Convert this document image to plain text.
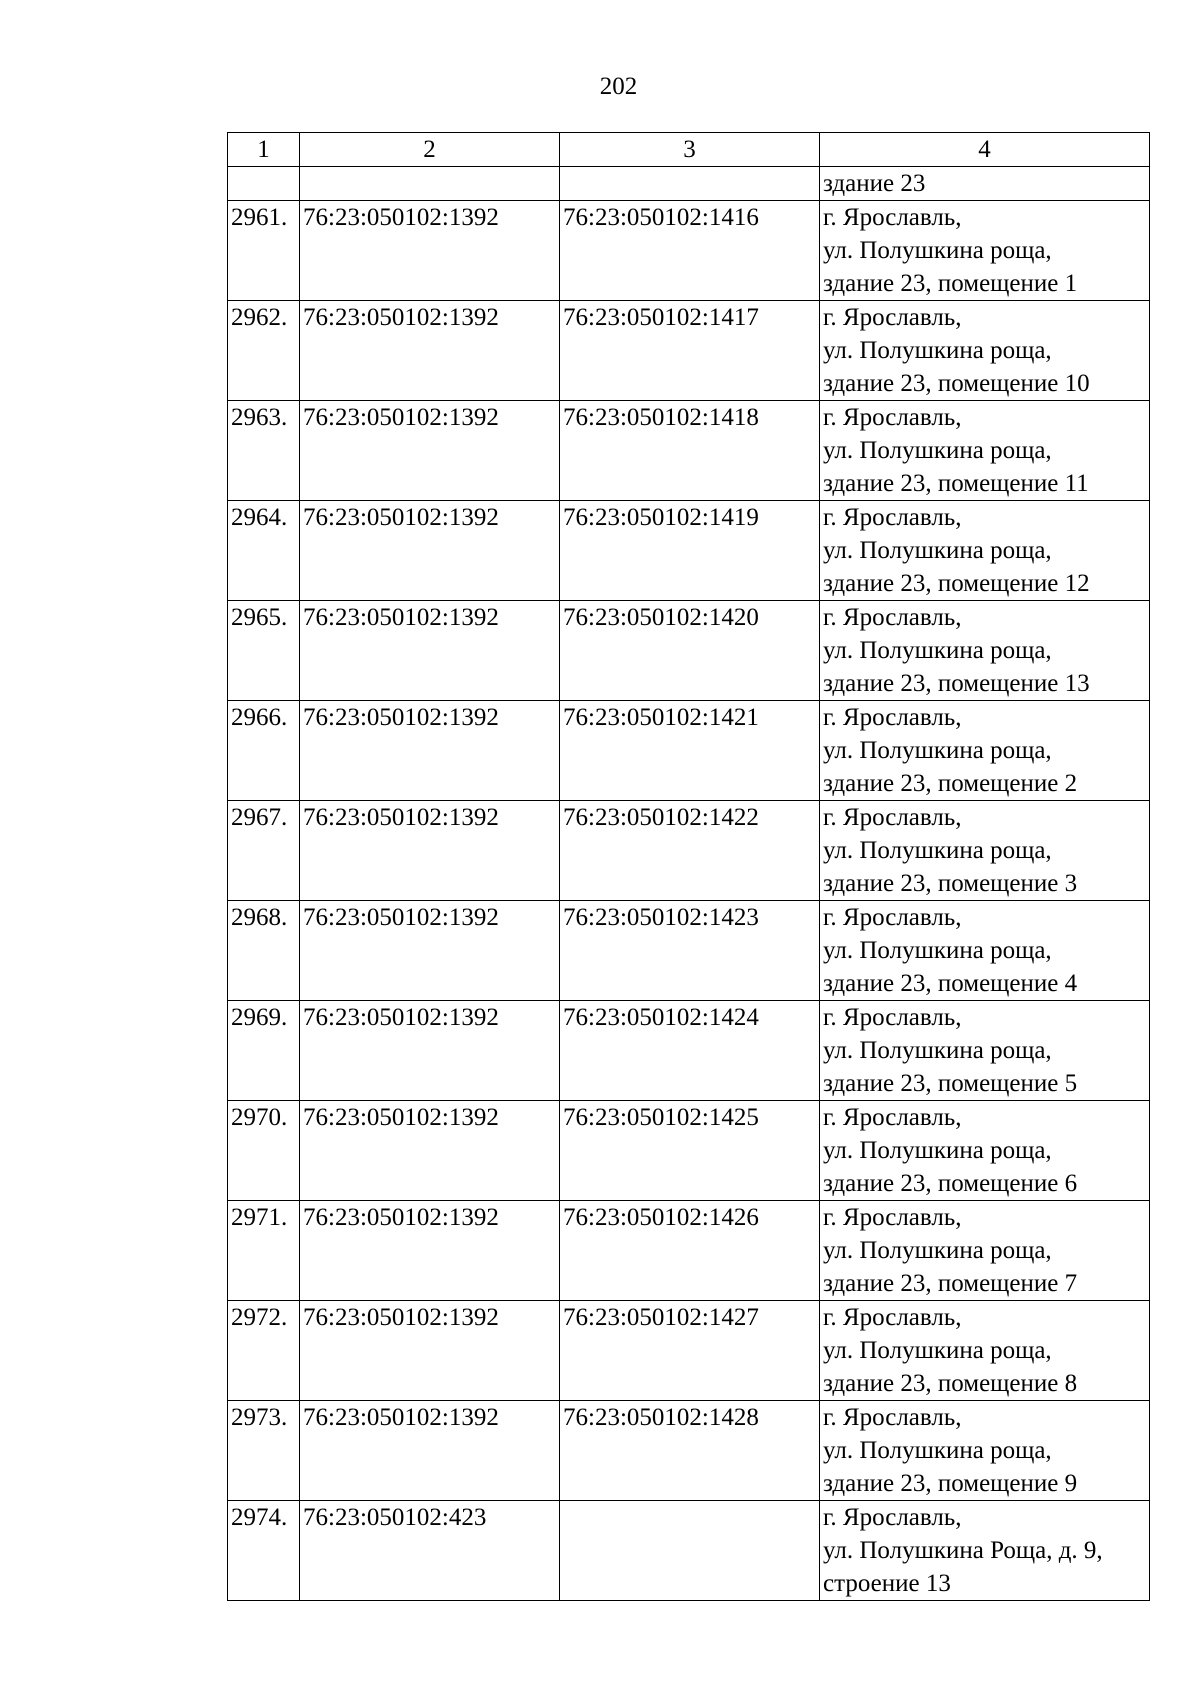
202
1	2	3	4

			здание 23

2961.	76:23:050102:1392	76:23:050102:1416	г. Ярославль,
ул. Полушкина роща,
здание 23, помещение 1

2962.	76:23:050102:1392	76:23:050102:1417	г. Ярославль,
ул. Полушкина роща,
здание 23, помещение 10

2963.	76:23:050102:1392	76:23:050102:1418	г. Ярославль,
ул. Полушкина роща,
здание 23, помещение 11

2964.	76:23:050102:1392	76:23:050102:1419	г. Ярославль,
ул. Полушкина роща,
здание 23, помещение 12

2965.	76:23:050102:1392	76:23:050102:1420	г. Ярославль,
ул. Полушкина роща,
здание 23, помещение 13

2966.	76:23:050102:1392	76:23:050102:1421	г. Ярославль,
ул. Полушкина роща,
здание 23, помещение 2

2967.	76:23:050102:1392	76:23:050102:1422	г. Ярославль,
ул. Полушкина роща,
здание 23, помещение 3

2968.	76:23:050102:1392	76:23:050102:1423	г. Ярославль,
ул. Полушкина роща,
здание 23, помещение 4

2969.	76:23:050102:1392	76:23:050102:1424	г. Ярославль,
ул. Полушкина роща,
здание 23, помещение 5

2970.	76:23:050102:1392	76:23:050102:1425	г. Ярославль,
ул. Полушкина роща,
здание 23, помещение 6

2971.	76:23:050102:1392	76:23:050102:1426	г. Ярославль,
ул. Полушкина роща,
здание 23, помещение 7

2972.	76:23:050102:1392	76:23:050102:1427	г. Ярославль,
ул. Полушкина роща,
здание 23, помещение 8

2973.	76:23:050102:1392	76:23:050102:1428	г. Ярославль,
ул. Полушкина роща,
здание 23, помещение 9

2974.	76:23:050102:423		г. Ярославль,
ул. Полушкина Роща, д. 9,
строение 13
